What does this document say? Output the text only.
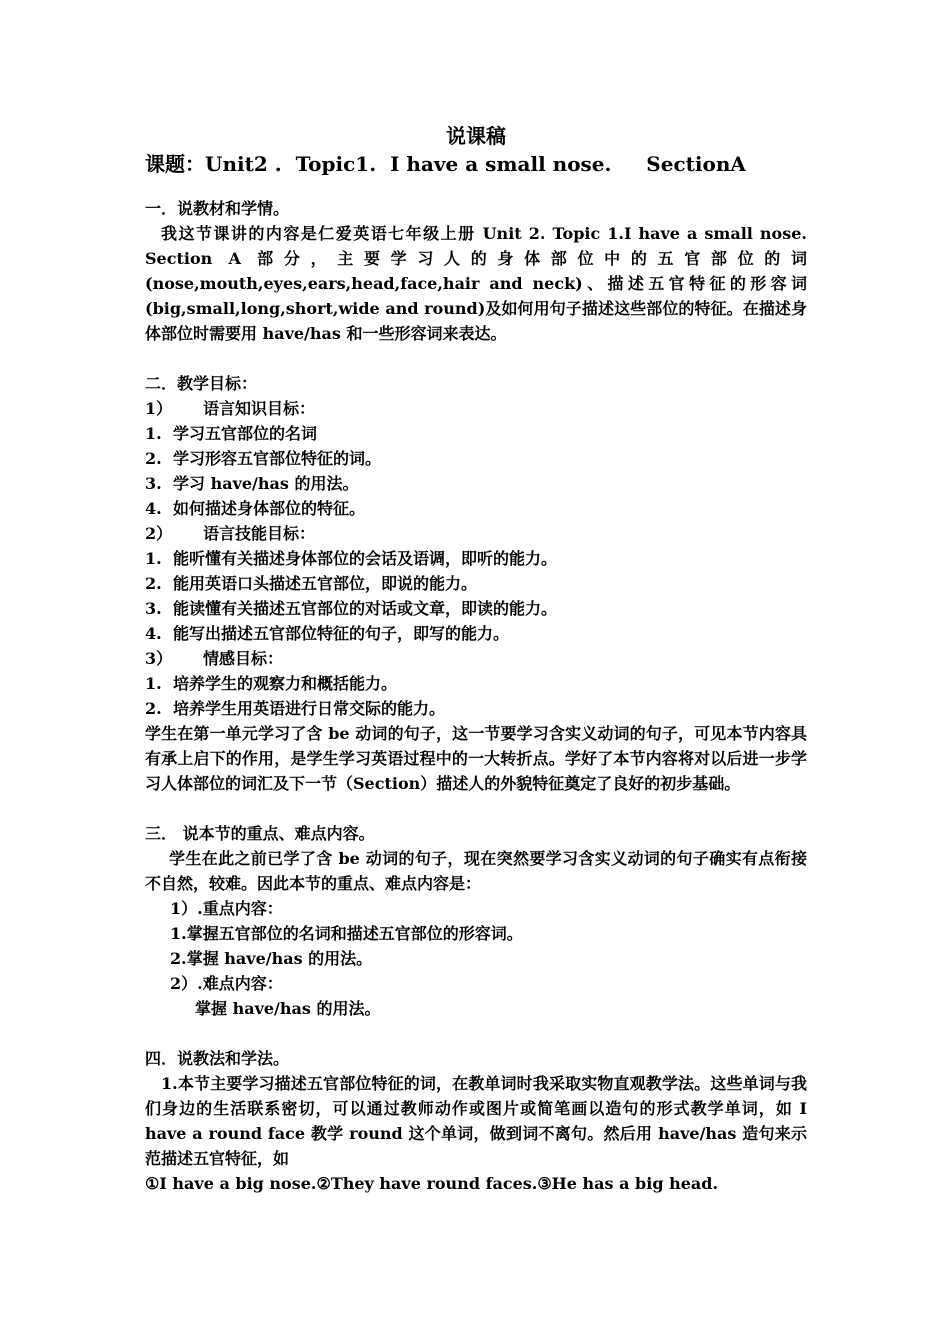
说课稿

课题：Unit2 .  Topic1.  I have a small nose.     SectionA

一．说教材和学情。

我这节课讲的内容是仁爱英语七年级上册 Unit 2. Topic 1.I have a small nose. Section A 部分，主要学习人的身体部位中的五官部位的词(nose,mouth,eyes,ears,head,face,hair and neck)、描述五官特征的形容词(big,small,long,short,wide and round)及如何用句子描述这些部位的特征。在描述身体部位时需要用 have/has 和一些形容词来表达。

二．教学目标：

1） 语言知识目标：

1. 学习五官部位的名词

2. 学习形容五官部位特征的词。

3. 学习 have/has 的用法。

4. 如何描述身体部位的特征。

2） 语言技能目标：

1. 能听懂有关描述身体部位的会话及语调，即听的能力。

2. 能用英语口头描述五官部位，即说的能力。

3. 能读懂有关描述五官部位的对话或文章，即读的能力。

4. 能写出描述五官部位特征的句子，即写的能力。

3） 情感目标：

1. 培养学生的观察力和概括能力。

2. 培养学生用英语进行日常交际的能力。

学生在第一单元学习了含 be 动词的句子，这一节要学习含实义动词的句子，可见本节内容具有承上启下的作用，是学生学习英语过程中的一大转折点。学好了本节内容将对以后进一步学习人体部位的词汇及下一节（Section）描述人的外貌特征奠定了良好的初步基础。

三． 说本节的重点、难点内容。

学生在此之前已学了含 be 动词的句子，现在突然要学习含实义动词的句子确实有点衔接不自然，较难。因此本节的重点、难点内容是：

1）.重点内容：

1.掌握五官部位的名词和描述五官部位的形容词。

2.掌握 have/has 的用法。

2）.难点内容：

掌握 have/has 的用法。

四．说教法和学法。

1.本节主要学习描述五官部位特征的词，在教单词时我采取实物直观教学法。这些单词与我们身边的生活联系密切，可以通过教师动作或图片或简笔画以造句的形式教学单词，如 I have a round face 教学 round 这个单词，做到词不离句。然后用 have/has 造句来示范描述五官特征，如

①I have a big nose.②They have round faces.③He has a big head.
